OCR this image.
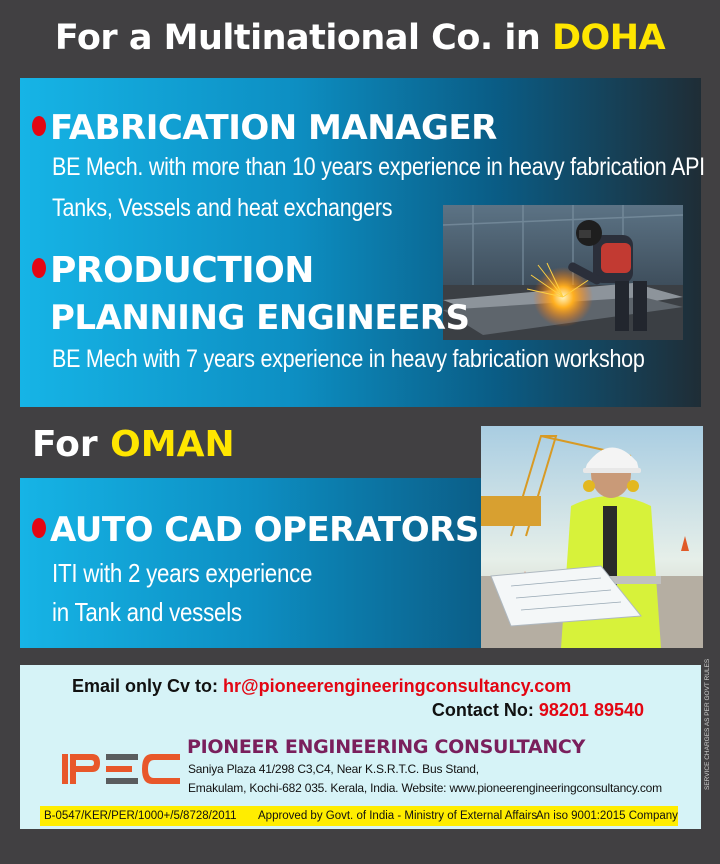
For a Multinational Co. in DOHA
FABRICATION MANAGER
BE Mech. with more than 10 years experience in heavy fabrication API
Tanks, Vessels and heat exchangers
PRODUCTION
PLANNING ENGINEERS
BE Mech with 7 years experience in heavy fabrication workshop
For OMAN
AUTO CAD OPERATORS
ITI with 2 years experience
in Tank and vessels
Email only Cv to: hr@pioneerengineeringconsultancy.com
Contact No: 98201 89540
PIONEER ENGINEERING CONSULTANCY
Saniya Plaza 41/298 C3,C4, Near K.S.R.T.C. Bus Stand,
Emakulam, Kochi-682 035. Kerala, India. Website: www.pioneerengineeringconsultancy.com
B-0547/KER/PER/1000+/5/8728/2011 Approved by Govt. of India - Ministry of External Affairs
An iso 9001:2015 Company
SERVICE CHARGES AS PER GOVT RULES
